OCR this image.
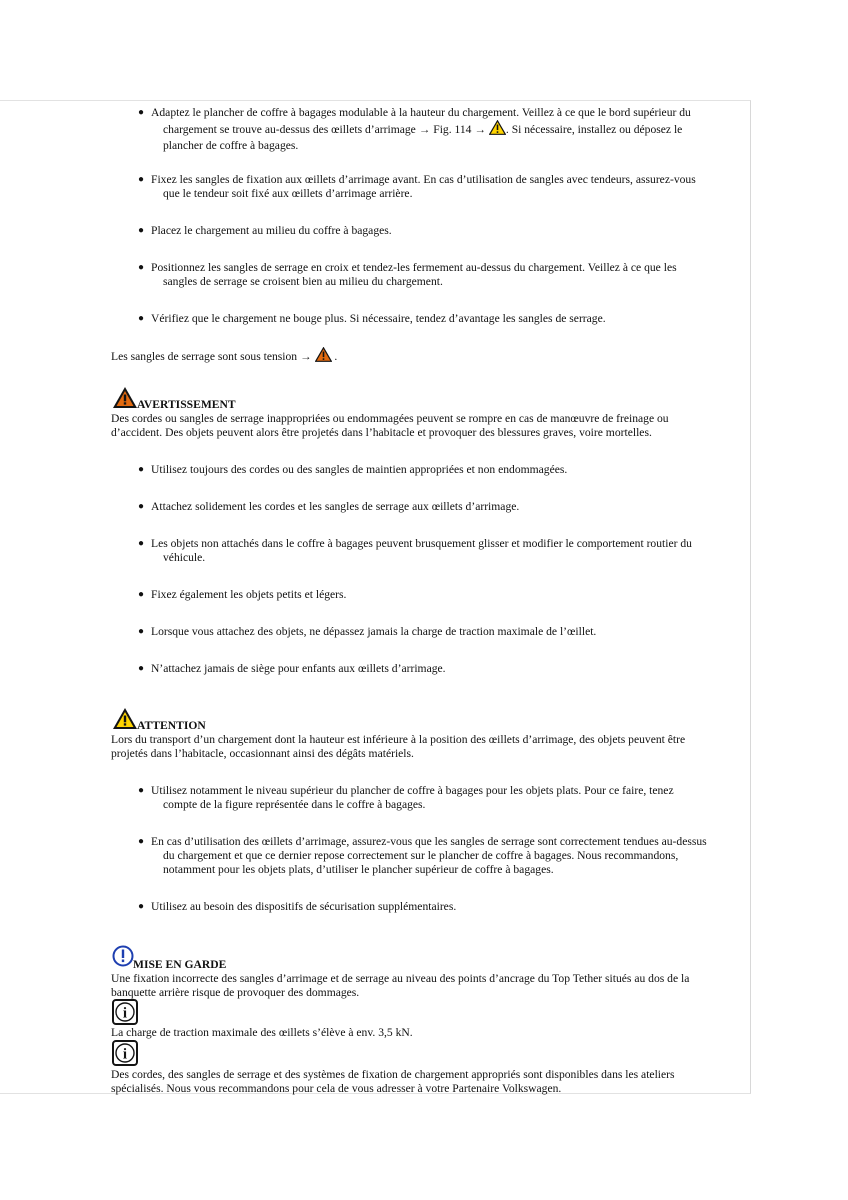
● Adaptez le plancher de coffre à bagages modulable à la hauteur du chargement. Veillez à ce que le bord supérieur du
chargement se trouve au-dessus des œillets d’arrimage → Fig. 114 → . Si nécessaire, installez ou déposez le
plancher de coffre à bagages.
● Fixez les sangles de fixation aux œillets d’arrimage avant. En cas d’utilisation de sangles avec tendeurs, assurez-vous
que le tendeur soit fixé aux œillets d’arrimage arrière.
● Placez le chargement au milieu du coffre à bagages.
● Positionnez les sangles de serrage en croix et tendez-les fermement au-dessus du chargement. Veillez à ce que les
sangles de serrage se croisent bien au milieu du chargement.
● Vérifiez que le chargement ne bouge plus. Si nécessaire, tendez d’avantage les sangles de serrage.
Les sangles de serrage sont sous tension → .
AVERTISSEMENT
Des cordes ou sangles de serrage inappropriées ou endommagées peuvent se rompre en cas de manœuvre de freinage ou
d’accident. Des objets peuvent alors être projetés dans l’habitacle et provoquer des blessures graves, voire mortelles.
● Utilisez toujours des cordes ou des sangles de maintien appropriées et non endommagées.
● Attachez solidement les cordes et les sangles de serrage aux œillets d’arrimage.
● Les objets non attachés dans le coffre à bagages peuvent brusquement glisser et modifier le comportement routier du
véhicule.
● Fixez également les objets petits et légers.
● Lorsque vous attachez des objets, ne dépassez jamais la charge de traction maximale de l’œillet.
● N’attachez jamais de siège pour enfants aux œillets d’arrimage.
ATTENTION
Lors du transport d’un chargement dont la hauteur est inférieure à la position des œillets d’arrimage, des objets peuvent être
projetés dans l’habitacle, occasionnant ainsi des dégâts matériels.
● Utilisez notamment le niveau supérieur du plancher de coffre à bagages pour les objets plats. Pour ce faire, tenez
compte de la figure représentée dans le coffre à bagages.
● En cas d’utilisation des œillets d’arrimage, assurez-vous que les sangles de serrage sont correctement tendues au-dessus
du chargement et que ce dernier repose correctement sur le plancher de coffre à bagages. Nous recommandons,
notamment pour les objets plats, d’utiliser le plancher supérieur de coffre à bagages.
● Utilisez au besoin des dispositifs de sécurisation supplémentaires.
MISE EN GARDE
Une fixation incorrecte des sangles d’arrimage et de serrage au niveau des points d’ancrage du Top Tether situés au dos de la
banquette arrière risque de provoquer des dommages.
i
La charge de traction maximale des œillets s’élève à env. 3,5 kN.
i
Des cordes, des sangles de serrage et des systèmes de fixation de chargement appropriés sont disponibles dans les ateliers
spécialisés. Nous vous recommandons pour cela de vous adresser à votre Partenaire Volkswagen.
